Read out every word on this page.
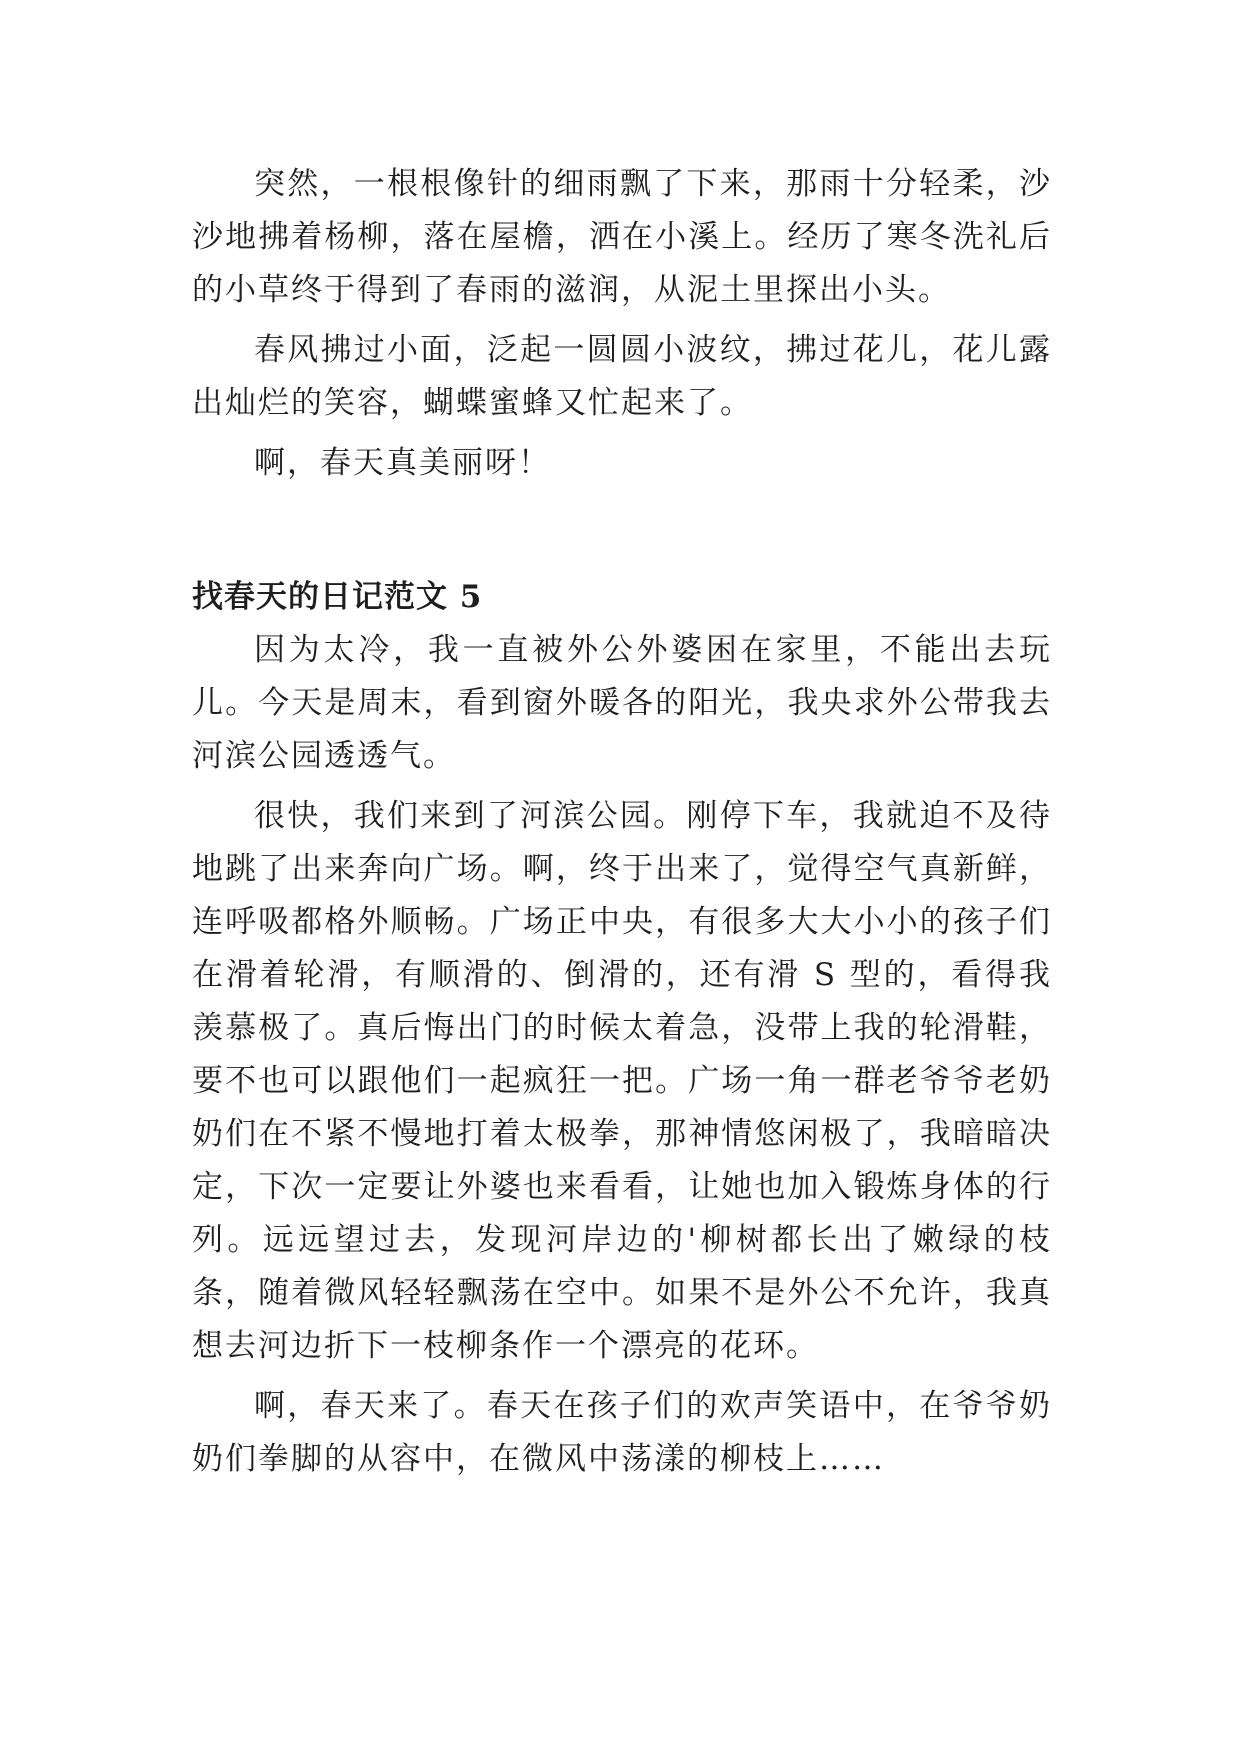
突然，一根根像针的细雨飘了下来，那雨十分轻柔，沙沙地拂着杨柳，落在屋檐，洒在小溪上。经历了寒冬洗礼后的小草终于得到了春雨的滋润，从泥土里探出小头。

春风拂过小面，泛起一圆圆小波纹，拂过花儿，花儿露出灿烂的笑容，蝴蝶蜜蜂又忙起来了。

啊，春天真美丽呀！

找春天的日记范文 5

因为太冷，我一直被外公外婆困在家里，不能出去玩儿。今天是周末，看到窗外暖各的阳光，我央求外公带我去河滨公园透透气。

很快，我们来到了河滨公园。刚停下车，我就迫不及待地跳了出来奔向广场。啊，终于出来了，觉得空气真新鲜，连呼吸都格外顺畅。广场正中央，有很多大大小小的孩子们在滑着轮滑，有顺滑的、倒滑的，还有滑 S 型的，看得我羡慕极了。真后悔出门的时候太着急，没带上我的轮滑鞋，要不也可以跟他们一起疯狂一把。广场一角一群老爷爷老奶奶们在不紧不慢地打着太极拳，那神情悠闲极了，我暗暗决定，下次一定要让外婆也来看看，让她也加入锻炼身体的行列。远远望过去，发现河岸边的'柳树都长出了嫩绿的枝条，随着微风轻轻飘荡在空中。如果不是外公不允许，我真想去河边折下一枝柳条作一个漂亮的花环。

啊，春天来了。春天在孩子们的欢声笑语中，在爷爷奶奶们拳脚的从容中，在微风中荡漾的柳枝上……
